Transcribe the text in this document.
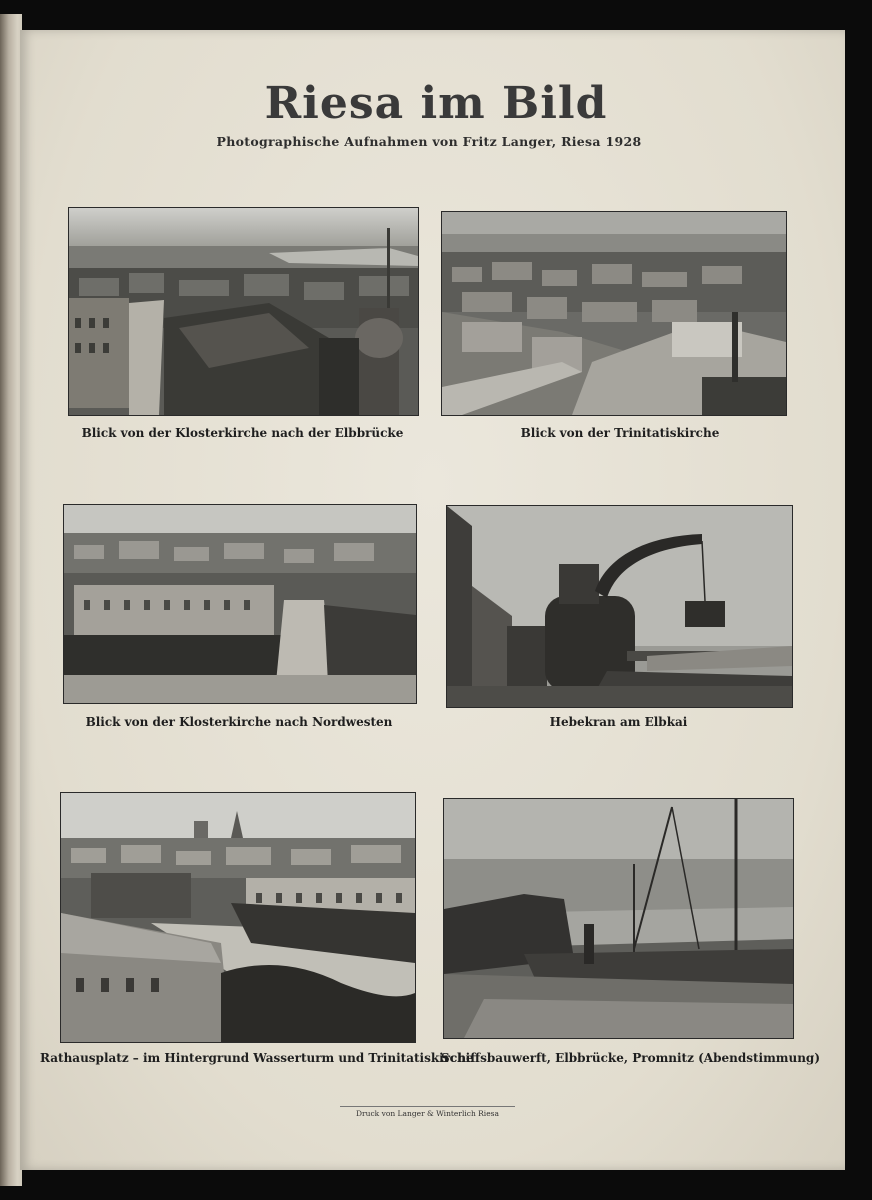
Riesa im Bild
Photographische Aufnahmen von Fritz Langer, Riesa 1928
Blick von der Klosterkirche nach der Elbbrücke	Blick von der Trinitatiskirche
Blick von der Klosterkirche nach Nordwesten	Hebekran am Elbkai
Rathausplatz – im Hintergrund Wasserturm und Trinitatiskirche
Schiffsbauwerft, Elbbrücke, Promnitz (Abendstimmung)
Druck von Langer & Winterlich Riesa
